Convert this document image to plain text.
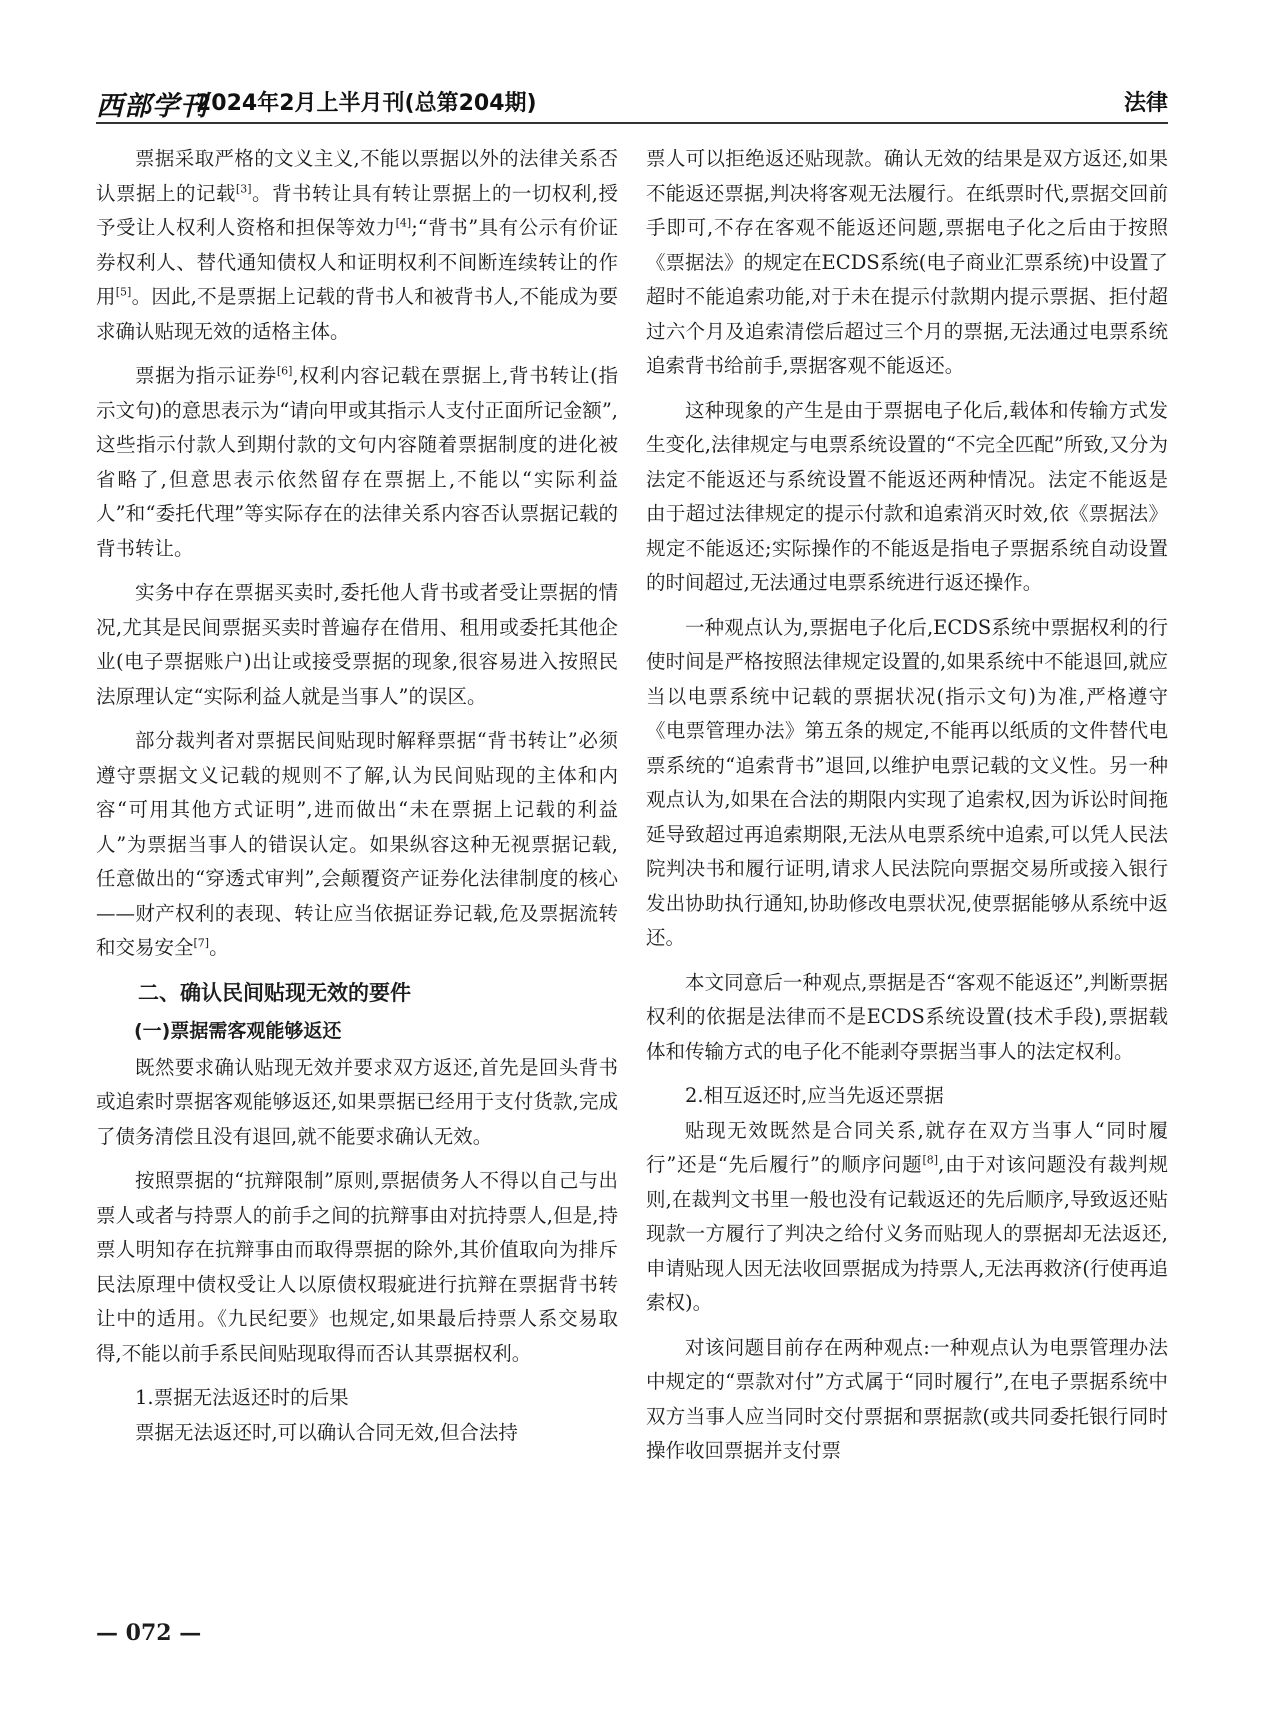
西部学刊
2024年2月上半月刊(总第204期)	法律

票据采取严格的文义主义,不能以票据以外的法律关系否认票据上的记载[3]。背书转让具有转让票据上的一切权利,授予受让人权利人资格和担保等效力[4];“背书”具有公示有价证券权利人、替代通知债权人和证明权利不间断连续转让的作用[5]。因此,不是票据上记载的背书人和被背书人,不能成为要求确认贴现无效的适格主体。

票据为指示证券[6],权利内容记载在票据上,背书转让(指示文句)的意思表示为“请向甲或其指示人支付正面所记金额”,这些指示付款人到期付款的文句内容随着票据制度的进化被省略了,但意思表示依然留存在票据上,不能以“实际利益人”和“委托代理”等实际存在的法律关系内容否认票据记载的背书转让。

实务中存在票据买卖时,委托他人背书或者受让票据的情况,尤其是民间票据买卖时普遍存在借用、租用或委托其他企业(电子票据账户)出让或接受票据的现象,很容易进入按照民法原理认定“实际利益人就是当事人”的误区。

部分裁判者对票据民间贴现时解释票据“背书转让”必须遵守票据文义记载的规则不了解,认为民间贴现的主体和内容“可用其他方式证明”,进而做出“未在票据上记载的利益人”为票据当事人的错误认定。如果纵容这种无视票据记载,任意做出的“穿透式审判”,会颠覆资产证券化法律制度的核心——财产权利的表现、转让应当依据证券记载,危及票据流转和交易安全[7]。

二、确认民间贴现无效的要件
(一)票据需客观能够返还

既然要求确认贴现无效并要求双方返还,首先是回头背书或追索时票据客观能够返还,如果票据已经用于支付货款,完成了债务清偿且没有退回,就不能要求确认无效。

按照票据的“抗辩限制”原则,票据债务人不得以自己与出票人或者与持票人的前手之间的抗辩事由对抗持票人,但是,持票人明知存在抗辩事由而取得票据的除外,其价值取向为排斥民法原理中债权受让人以原债权瑕疵进行抗辩在票据背书转让中的适用。《九民纪要》也规定,如果最后持票人系交易取得,不能以前手系民间贴现取得而否认其票据权利。

1.票据无法返还时的后果

票据无法返还时,可以确认合同无效,但合法持

票人可以拒绝返还贴现款。确认无效的结果是双方返还,如果不能返还票据,判决将客观无法履行。在纸票时代,票据交回前手即可,不存在客观不能返还问题,票据电子化之后由于按照《票据法》的规定在ECDS系统(电子商业汇票系统)中设置了超时不能追索功能,对于未在提示付款期内提示票据、拒付超过六个月及追索清偿后超过三个月的票据,无法通过电票系统追索背书给前手,票据客观不能返还。

这种现象的产生是由于票据电子化后,载体和传输方式发生变化,法律规定与电票系统设置的“不完全匹配”所致,又分为法定不能返还与系统设置不能返还两种情况。法定不能返是由于超过法律规定的提示付款和追索消灭时效,依《票据法》规定不能返还;实际操作的不能返是指电子票据系统自动设置的时间超过,无法通过电票系统进行返还操作。

一种观点认为,票据电子化后,ECDS系统中票据权利的行使时间是严格按照法律规定设置的,如果系统中不能退回,就应当以电票系统中记载的票据状况(指示文句)为准,严格遵守《电票管理办法》第五条的规定,不能再以纸质的文件替代电票系统的“追索背书”退回,以维护电票记载的文义性。另一种观点认为,如果在合法的期限内实现了追索权,因为诉讼时间拖延导致超过再追索期限,无法从电票系统中追索,可以凭人民法院判决书和履行证明,请求人民法院向票据交易所或接入银行发出协助执行通知,协助修改电票状况,使票据能够从系统中返还。

本文同意后一种观点,票据是否“客观不能返还”,判断票据权利的依据是法律而不是ECDS系统设置(技术手段),票据载体和传输方式的电子化不能剥夺票据当事人的法定权利。

2.相互返还时,应当先返还票据

贴现无效既然是合同关系,就存在双方当事人“同时履行”还是“先后履行”的顺序问题[8],由于对该问题没有裁判规则,在裁判文书里一般也没有记载返还的先后顺序,导致返还贴现款一方履行了判决之给付义务而贴现人的票据却无法返还,申请贴现人因无法收回票据成为持票人,无法再救济(行使再追索权)。

对该问题目前存在两种观点:一种观点认为电票管理办法中规定的“票款对付”方式属于“同时履行”,在电子票据系统中双方当事人应当同时交付票据和票据款(或共同委托银行同时操作收回票据并支付票

— 072 —
